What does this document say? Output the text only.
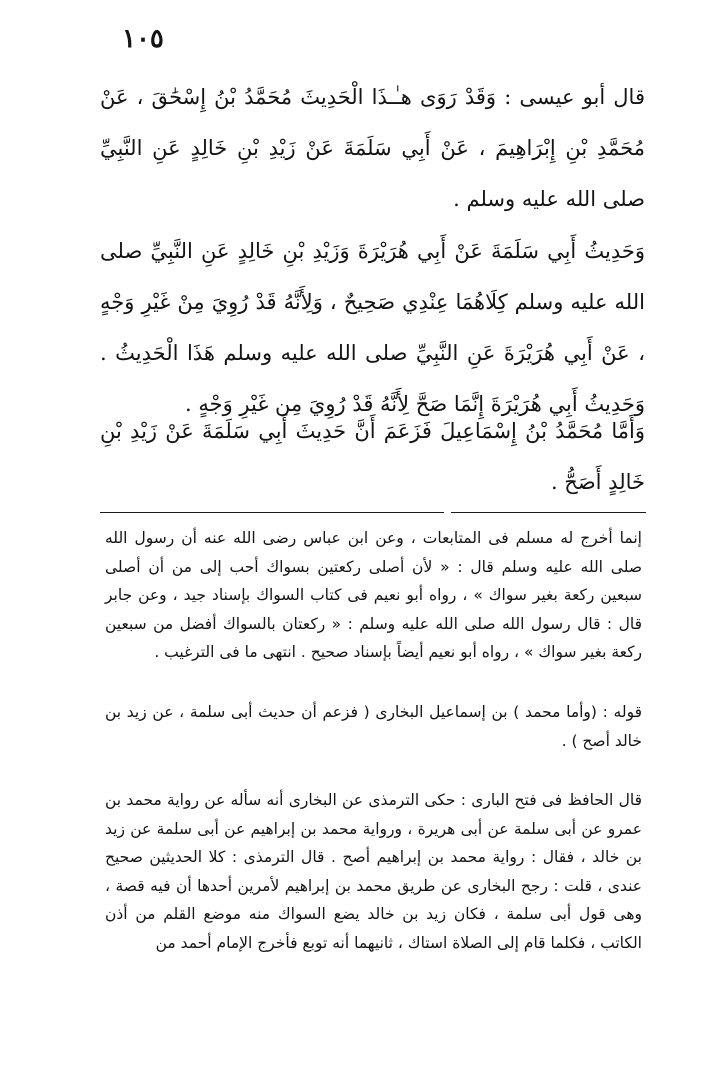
١٠٥

قال أبو عيسى : وَقَدْ رَوَى هـٰـذَا الْحَدِيثَ مُحَمَّدُ بْنُ إِسْحَٰقَ ، عَنْ مُحَمَّدِ بْنِ إِبْرَاهِيمَ ، عَنْ أَبِي سَلَمَةَ عَنْ زَيْدِ بْنِ خَالِدٍ عَنِ النَّبِيِّ صلى الله عليه وسلم .

وَحَدِيثُ أَبِي سَلَمَةَ عَنْ أَبِي هُرَيْرَةَ وَزَيْدِ بْنِ خَالِدٍ عَنِ النَّبِيِّ صلى الله عليه وسلم كِلَاهُمَا عِنْدِي صَحِيحٌ ، وَلِأَنَّهُ قَدْ رُوِيَ مِنْ غَيْرِ وَجْهٍ ، عَنْ أَبِي هُرَيْرَةَ عَنِ النَّبِيِّ صلى الله عليه وسلم هَذَا الْحَدِيثُ . وَحَدِيثُ أَبِي هُرَيْرَةَ إِنَّمَا صَحَّ لِأَنَّهُ قَدْ رُوِيَ مِن غَيْرِ وَجْهٍ .

وَأَمَّا مُحَمَّدُ بْنُ إِسْمَاعِيلَ فَزَعَمَ أَنَّ حَدِيثَ أَبِي سَلَمَةَ عَنْ زَيْدِ بْنِ خَالِدٍ أَصَحُّ .

إنما أخرج له مسلم فى المتابعات ، وعن ابن عباس رضى الله عنه أن رسول الله صلى الله عليه وسلم قال : « لأن أصلى ركعتين بسواك أحب إلى من أن أصلى سبعين ركعة بغير سواك » ، رواه أبو نعيم فى كتاب السواك بإسناد جيد ، وعن جابر قال : قال رسول الله صلى الله عليه وسلم : « ركعتان بالسواك أفضل من سبعين ركعة بغير سواك » ، رواه أبو نعيم أيضاً بإسناد صحيح . انتهى ما فى الترغيب .

قوله : (وأما محمد ) بن إسماعيل البخارى ( فزعم أن حديث أبى سلمة ، عن زيد بن خالد أصح ) .

قال الحافظ فى فتح البارى : حكى الترمذى عن البخارى أنه سأله عن رواية محمد بن عمرو عن أبى سلمة عن أبى هريرة ، ورواية محمد بن إبراهيم عن أبى سلمة عن زيد بن خالد ، فقال : رواية محمد بن إبراهيم أصح . قال الترمذى : كلا الحديثين صحيح عندى ، قلت : رجح البخارى عن طريق محمد بن إبراهيم لأمرين أحدها أن فيه قصة ، وهى قول أبى سلمة ، فكان زيد بن خالد يضع السواك منه موضع القلم من أذن الكاتب ، فكلما قام إلى الصلاة استاك ، ثانيهما أنه توبع فأخرج الإمام أحمد من
